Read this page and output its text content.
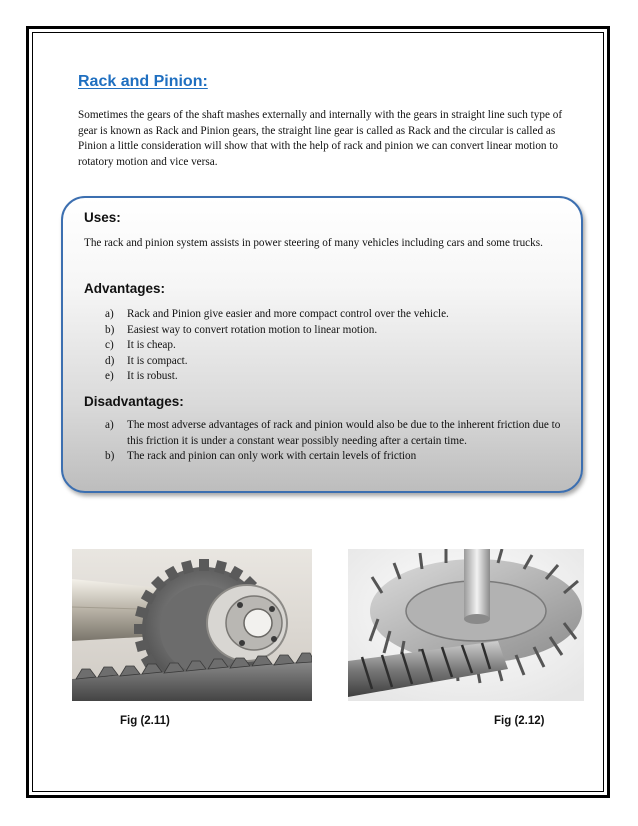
Rack and Pinion:

Sometimes the gears of the shaft mashes externally and internally with the gears in straight line such type of gear is known as Rack and Pinion gears, the straight line gear is called as Rack and the circular is called as Pinion a little consideration will show that with the help of rack and pinion we can convert linear motion to rotatory motion and vice versa.

Uses:

The rack and pinion system assists in power steering of many vehicles including cars and some trucks.

Advantages:
a) Rack and Pinion give easier and more compact control over the vehicle.
b) Easiest way to convert rotation motion to linear motion.
c) It is cheap.
d) It is compact.
e) It is robust.
Disadvantages:
a) The most adverse advantages of rack and pinion would also be due to the inherent friction due to this friction it is under a constant wear possibly needing after a certain time.
b) The rack and pinion can only work with certain levels of friction
Fig (2.11)	Fig (2.12)
